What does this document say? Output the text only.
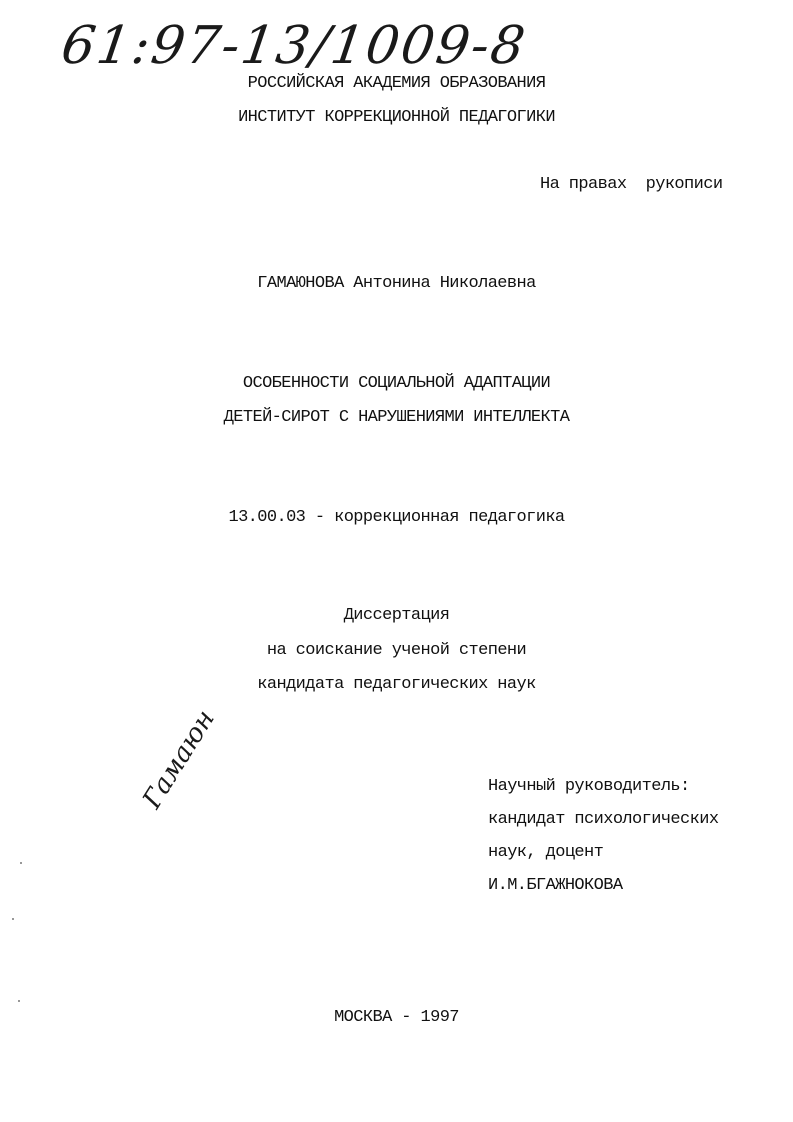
61:97-13/1009-8
РОССИЙСКАЯ АКАДЕМИЯ ОБРАЗОВАНИЯ
ИНСТИТУТ КОРРЕКЦИОННОЙ ПЕДАГОГИКИ
На правах  рукописи
ГАМАЮНОВА Антонина Николаевна
ОСОБЕННОСТИ СОЦИАЛЬНОЙ АДАПТАЦИИ
ДЕТЕЙ-СИРОТ С НАРУШЕНИЯМИ ИНТЕЛЛЕКТА
13.00.03 - коррекционная педагогика
Диссертация
на соискание ученой степени
кандидата педагогических наук
Гамаюн	Научный руководитель:
кандидат психологических
наук, доцент
И.М.БГАЖНОКОВА
МОСКВА - 1997
